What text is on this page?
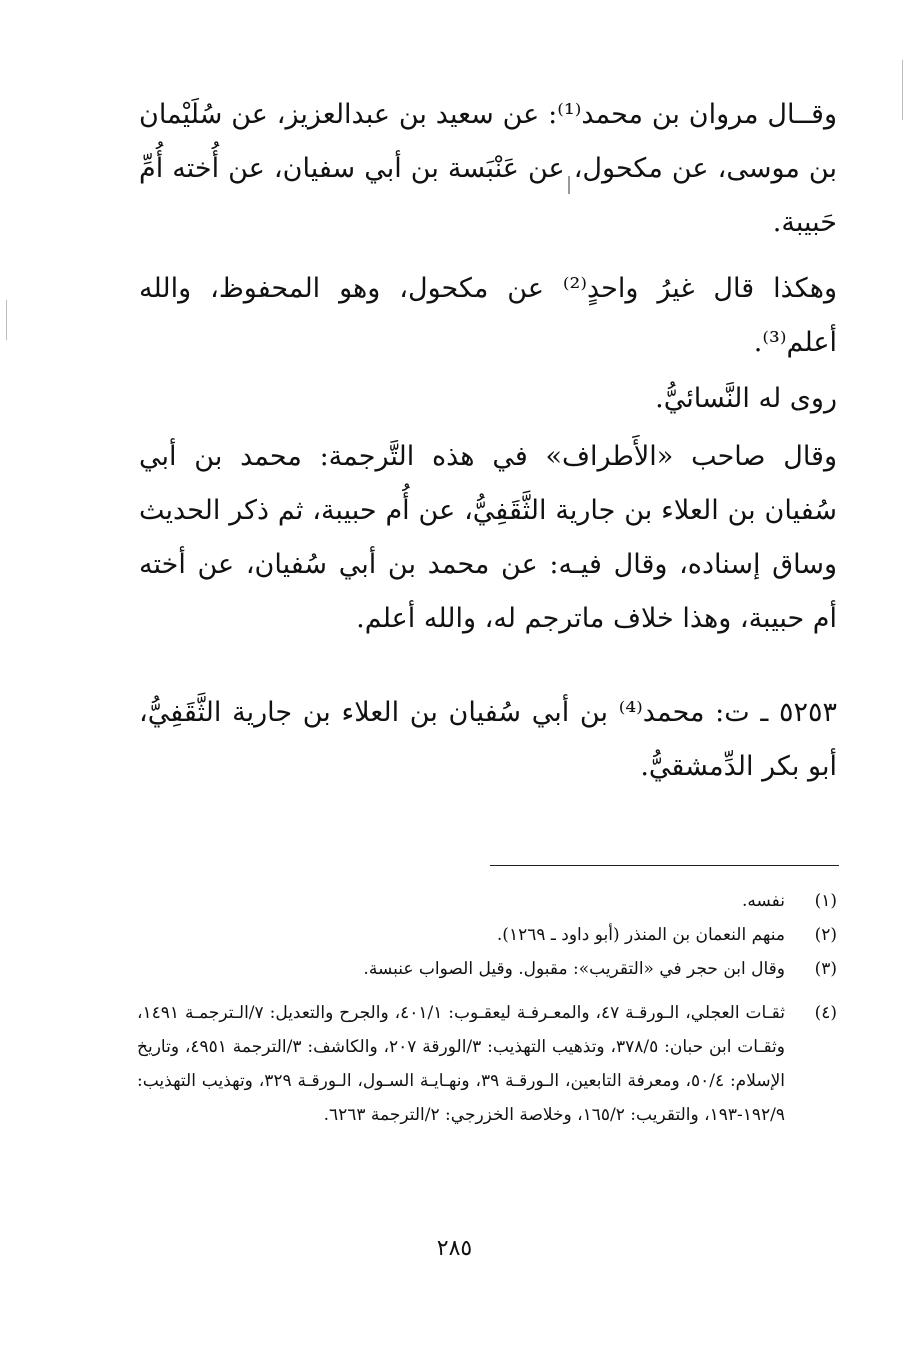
وقــال مروان بن محمد⁽¹⁾: عن سعيد بن عبدالعزيز، عن سُلَيْمان بن موسى، عن مكحول، عن عَنْبَسة بن أبي سفيان، عن أُخته أُمِّ حَبيبة.

وهكذا قال غيرُ واحدٍ⁽²⁾ عن مكحول، وهو المحفوظ، والله أعلم⁽³⁾.

روى له النَّسائيُّ.

وقال صاحب «الأَطراف» في هذه التَّرجمة: محمد بن أبي سُفيان بن العلاء بن جارية الثَّقَفِيُّ، عن أُم حبيبة، ثم ذكر الحديث وساق إسناده، وقال فيـه: عن محمد بن أبي سُفيان، عن أخته أم حبيبة، وهذا خلاف ماترجم له، والله أعلم.

٥٢٥٣ ـ ت: محمد⁽⁴⁾ بن أبي سُفيان بن العلاء بن جارية الثَّقَفِيُّ، أبو بكر الدِّمشقيُّ.

(١)
نفسه.
(٢)
منهم النعمان بن المنذر (أبو داود ـ ١٢٦٩).
(٣)
وقال ابن حجر في «التقريب»: مقبول. وقيل الصواب عنبسة.
(٤)
ثقـات العجلي، الـورقـة ٤٧، والمعـرفـة ليعقـوب: ٤٠١/١، والجرح والتعديل: ٧/الـترجمـة ١٤٩١، وثقـات ابن حبان: ٣٧٨/٥، وتذهيب التهذيب: ٣/الورقة ٢٠٧، والكاشف: ٣/الترجمة ٤٩٥١، وتاريخ الإسلام: ٥٠/٤، ومعرفة التابعين، الـورقـة ٣٩، ونهـايـة السـول، الـورقـة ٣٢٩، وتهذيب التهذيب: ١٩٢/٩-١٩٣، والتقريب: ١٦٥/٢، وخلاصة الخزرجي: ٢/الترجمة ٦٢٦٣.
٢٨٥
